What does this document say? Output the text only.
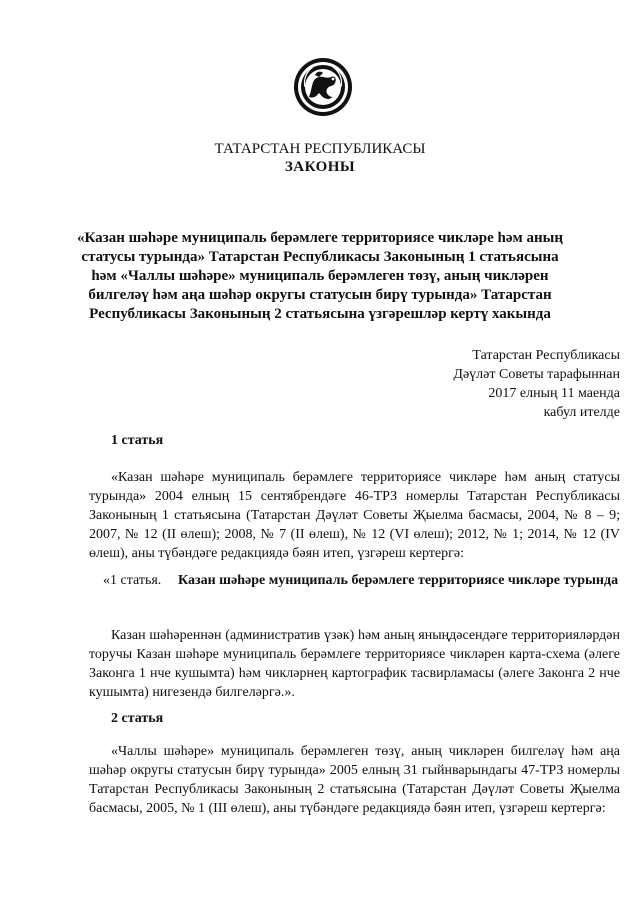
ТАТАРСТАН РЕСПУБЛИКАСЫ
ЗАКОНЫ
«Казан шәһәре муниципаль берәмлеге территориясе чикләре һәм аның статусы турында» Татарстан Республикасы Законының 1 статьясына һәм «Чаллы шәһәре» муниципаль берәмлеген төзү, аның чикләрен билгеләү һәм аңа шәһәр округы статусын бирү турында» Татарстан Республикасы Законының 2 статьясына үзгәрешләр кертү хакында
Татарстан Республикасы
Дәүләт Советы тарафыннан
2017 елның 11 маенда
кабул ителде
1 статья
«Казан шәһәре муниципаль берәмлеге территориясе чикләре һәм аның статусы турында» 2004 елның 15 сентябрендәге 46-ТРЗ номерлы Татарстан Республикасы Законының 1 статьясына (Татарстан Дәүләт Советы Җыелма басмасы, 2004, № 8 – 9; 2007, № 12 (II өлеш); 2008, № 7 (II өлеш), № 12 (VI өлеш); 2012, № 1; 2014, № 12 (IV өлеш), аны түбәндәге редакциядә бәян итеп, үзгәреш кертергә:
«1 статья. Казан шәһәре муниципаль берәмлеге территориясе чикләре турында
Казан шәһәреннән (административ үзәк) һәм аның яныңдәсендәге территорияләрдән торучы Казан шәһәре муниципаль берәмлеге территориясе чикләрен карта-схема (әлеге Законга 1 нче кушымта) һәм чикләрнең картографик тасвирламасы (әлеге Законга 2 нче кушымта) нигезендә билгеләргә.».
2 статья
«Чаллы шәһәре» муниципаль берәмлеген төзү, аның чикләрен билгеләү һәм аңа шәһәр округы статусын бирү турында» 2005 елның 31 гыйнварындагы 47-ТРЗ номерлы Татарстан Республикасы Законының 2 статьясына (Татарстан Дәүләт Советы Җыелма басмасы, 2005, № 1 (III өлеш), аны түбәндәге редакциядә бәян итеп, үзгәреш кертергә:
